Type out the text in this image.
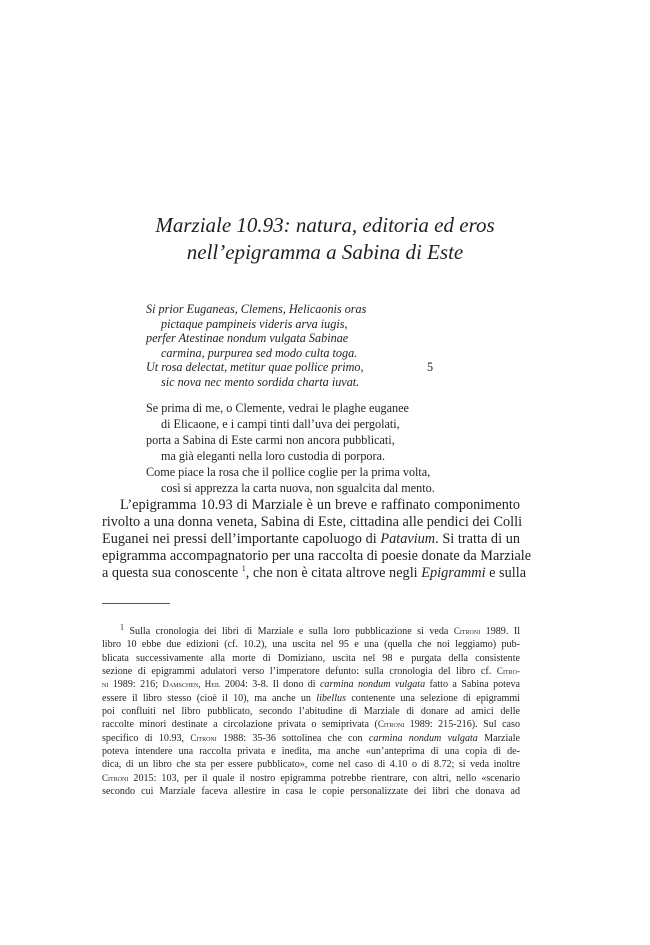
Marziale 10.93: natura, editoria ed eros
nell’epigramma a Sabina di Este
Si prior Euganeas, Clemens, Helicaonis oras
pictaque pampineis videris arva iugis,
perfer Atestinae nondum vulgata Sabinae
carmina, purpurea sed modo culta toga.
Ut rosa delectat, metitur quae pollice primo,	5
sic nova nec mento sordida charta iuvat.
Se prima di me, o Clemente, vedrai le plaghe euganee
di Elicaone, e i campi tinti dall’uva dei pergolati,
porta a Sabina di Este carmi non ancora pubblicati,
ma già eleganti nella loro custodia di porpora.
Come piace la rosa che il pollice coglie per la prima volta,
così si apprezza la carta nuova, non sgualcita dal mento.
L’epigramma 10.93 di Marziale è un breve e raffinato componimento
rivolto a una donna veneta, Sabina di Este, cittadina alle pendici dei Colli
Euganei nei pressi dell’importante capoluogo di Patavium. Si tratta di un
epigramma accompagnatorio per una raccolta di poesie donate da Marziale
a questa sua conoscente $^1$, che non è citata altrove negli Epigrammi e sulla
$^1$ Sulla cronologia dei libri di Marziale e sulla loro pubblicazione si veda Citroni 1989. Il
libro 10 ebbe due edizioni (cf. 10.2), una uscita nel 95 e una (quella che noi leggiamo) pub-
blicata successivamente alla morte di Domiziano, uscita nel 98 e purgata della consistente
sezione di epigrammi adulatori verso l’imperatore defunto: sulla cronologia del libro cf. Citro-
ni 1989: 216; Damschen, Heil 2004: 3-8. Il dono di carmina nondum vulgata fatto a Sabina poteva
essere il libro stesso (cioè il 10), ma anche un libellus contenente una selezione di epigrammi
poi confluiti nel libro pubblicato, secondo l’abitudine di Marziale di donare ad amici delle
raccolte minori destinate a circolazione privata o semiprivata (Citroni 1989: 215-216). Sul caso
specifico di 10.93, Citroni 1988: 35-36 sottolinea che con carmina nondum vulgata Marziale
poteva intendere una raccolta privata e inedita, ma anche «un’anteprima di una copia di de-
dica, di un libro che sta per essere pubblicato», come nel caso di 4.10 o di 8.72; si veda inoltre
Citroni 2015: 103, per il quale il nostro epigramma potrebbe rientrare, con altri, nello «scenario
secondo cui Marziale faceva allestire in casa le copie personalizzate dei libri che donava ad
